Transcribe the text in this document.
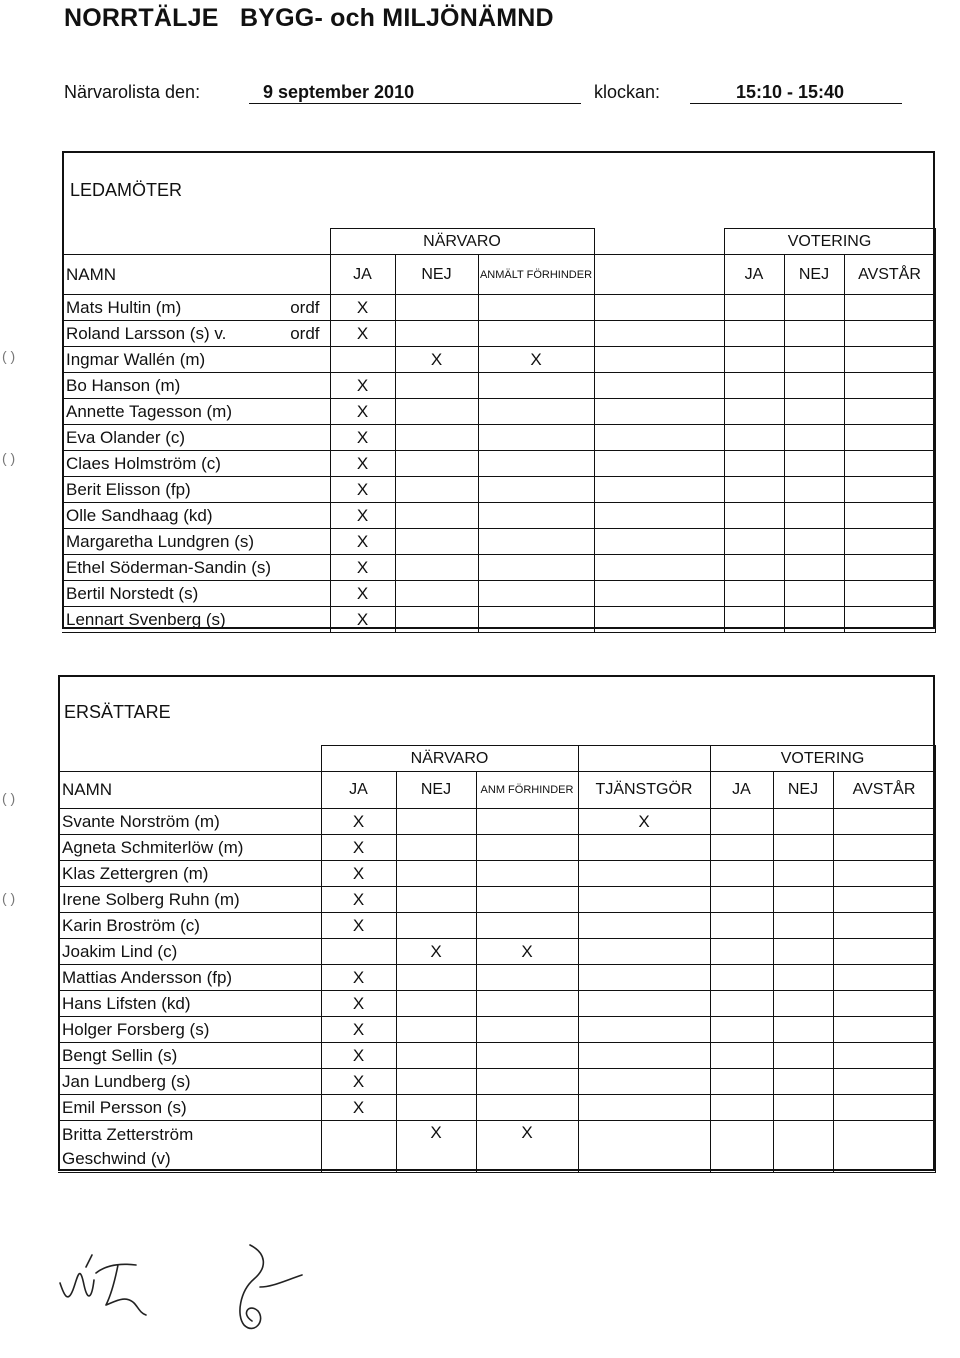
NORRTÄLJE   BYGG- och MILJÖNÄMND
Närvarolista den:	9 september 2010	klockan:	15:10 - 15:40
LEDAMÖTER
	NÄRVARO				VOTERING		
NAMN	JA	NEJ	ANMÄLT FÖRHINDER		JA	NEJ	AVSTÅR
Mats Hultin (m) ordf	X						
Roland Larsson (s) v. ordf	X						
Ingmar Wallén (m)		X	X				
Bo Hanson (m)	X						
Annette Tagesson (m)	X						
Eva Olander (c)	X						
Claes Holmström (c)	X						
Berit Elisson (fp)	X						
Olle Sandhaag (kd)	X						
Margaretha Lundgren (s)	X						
Ethel Söderman-Sandin (s)	X						
Bertil Norstedt (s)	X						
Lennart Svenberg (s)	X						
ERSÄTTARE
	NÄRVARO				VOTERING		
NAMN	JA	NEJ	ANM FÖRHINDER	TJÄNSTGÖR	JA	NEJ	AVSTÅR
Svante Norström (m)	X			X			
Agneta Schmiterlöw (m)	X						
Klas Zettergren (m)	X						
Irene Solberg Ruhn (m)	X						
Karin Broström (c)	X						
Joakim Lind (c)		X	X				
Mattias Andersson (fp)	X						
Hans Lifsten (kd)	X						
Holger Forsberg (s)	X						
Bengt Sellin (s)	X						
Jan Lundberg (s)	X						
Emil Persson (s)	X						

Britta Zetterström
Geschwind (v)		X	X				
( )
( )
( )
( )
